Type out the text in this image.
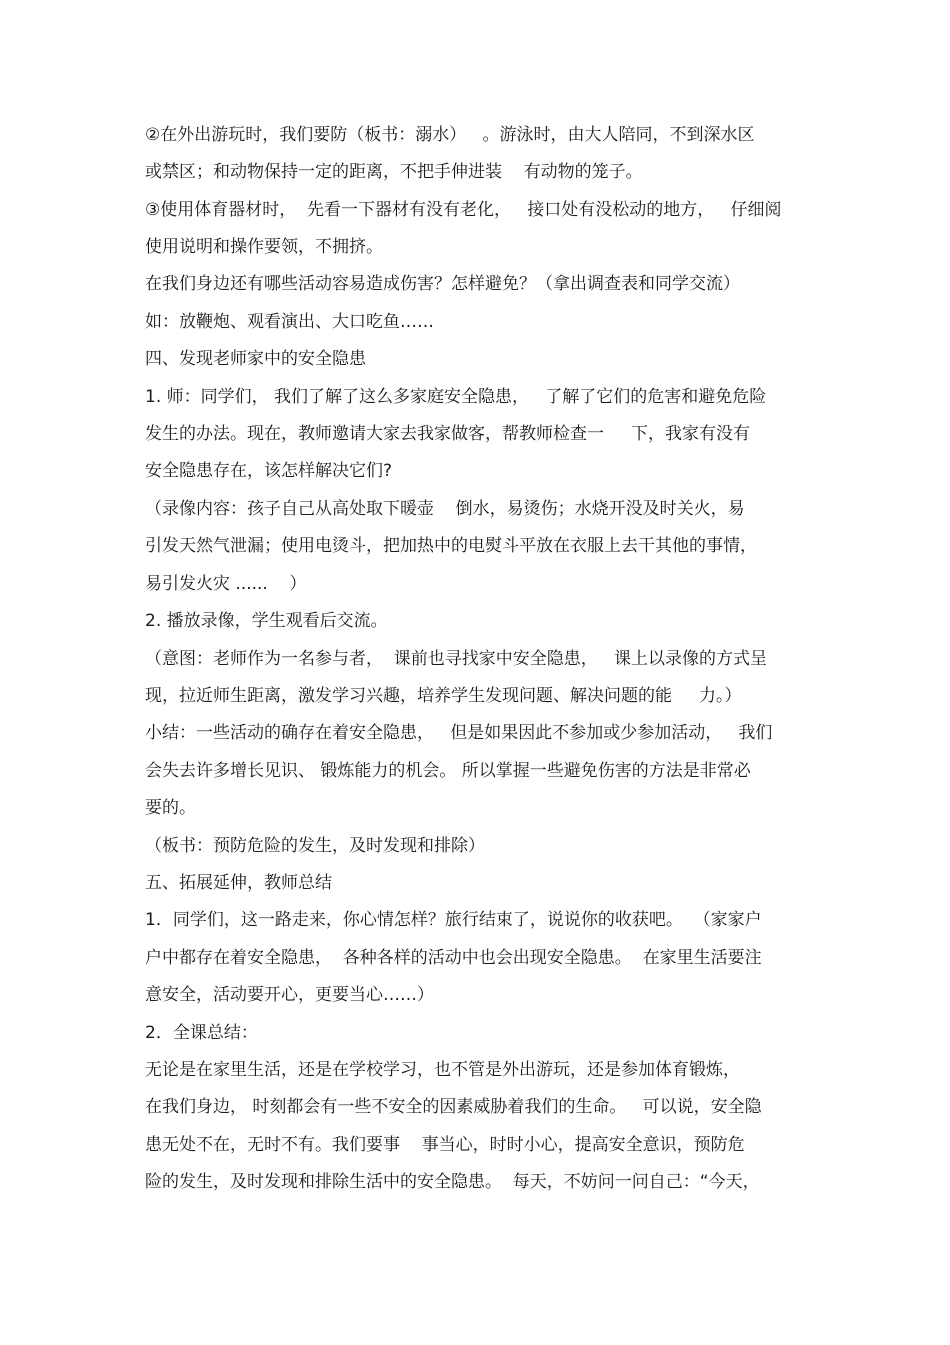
②在外出游玩时，我们要防（板书：溺水）   。游泳时，由大人陪同，不到深水区
或禁区；和动物保持一定的距离，不把手伸进装    有动物的笼子。
③使用体育器材时，  先看一下器材有没有老化，   接口处有没松动的地方，   仔细阅
使用说明和操作要领，不拥挤。
在我们身边还有哪些活动容易造成伤害？怎样避免？（拿出调查表和同学交流）
如：放鞭炮、观看演出、大口吃鱼……
四、发现老师家中的安全隐患
1. 师：同学们， 我们了解了这么多家庭安全隐患，   了解了它们的危害和避免危险
发生的办法。现在，教师邀请大家去我家做客，帮教师检查一     下，我家有没有
安全隐患存在，该怎样解决它们?
（录像内容：孩子自己从高处取下暖壶    倒水，易烫伤；水烧开没及时关火，易
引发天然气泄漏；使用电烫斗，把加热中的电熨斗平放在衣服上去干其他的事情，
易引发火灾 ......    ）
2. 播放录像，学生观看后交流。
（意图：老师作为一名参与者，  课前也寻找家中安全隐患，   课上以录像的方式呈
现，拉近师生距离，激发学习兴趣，培养学生发现问题、解决问题的能     力。）
小结：一些活动的确存在着安全隐患，   但是如果因此不参加或少参加活动，   我们
会失去许多增长见识、 锻炼能力的机会。 所以掌握一些避免伤害的方法是非常必
要的。
（板书：预防危险的发生，及时发现和排除）
五、拓展延伸，教师总结
1．同学们，这一路走来，你心情怎样？旅行结束了，说说你的收获吧。  （家家户
户中都存在着安全隐患，  各种各样的活动中也会出现安全隐患。  在家里生活要注
意安全，活动要开心，更要当心……）
2．全课总结：
无论是在家里生活，还是在学校学习，也不管是外出游玩，还是参加体育锻炼，
在我们身边， 时刻都会有一些不安全的因素威胁着我们的生命。   可以说，安全隐
患无处不在，无时不有。我们要事    事当心，时时小心，提高安全意识，预防危
险的发生，及时发现和排除生活中的安全隐患。  每天，不妨问一问自己：“今天，
